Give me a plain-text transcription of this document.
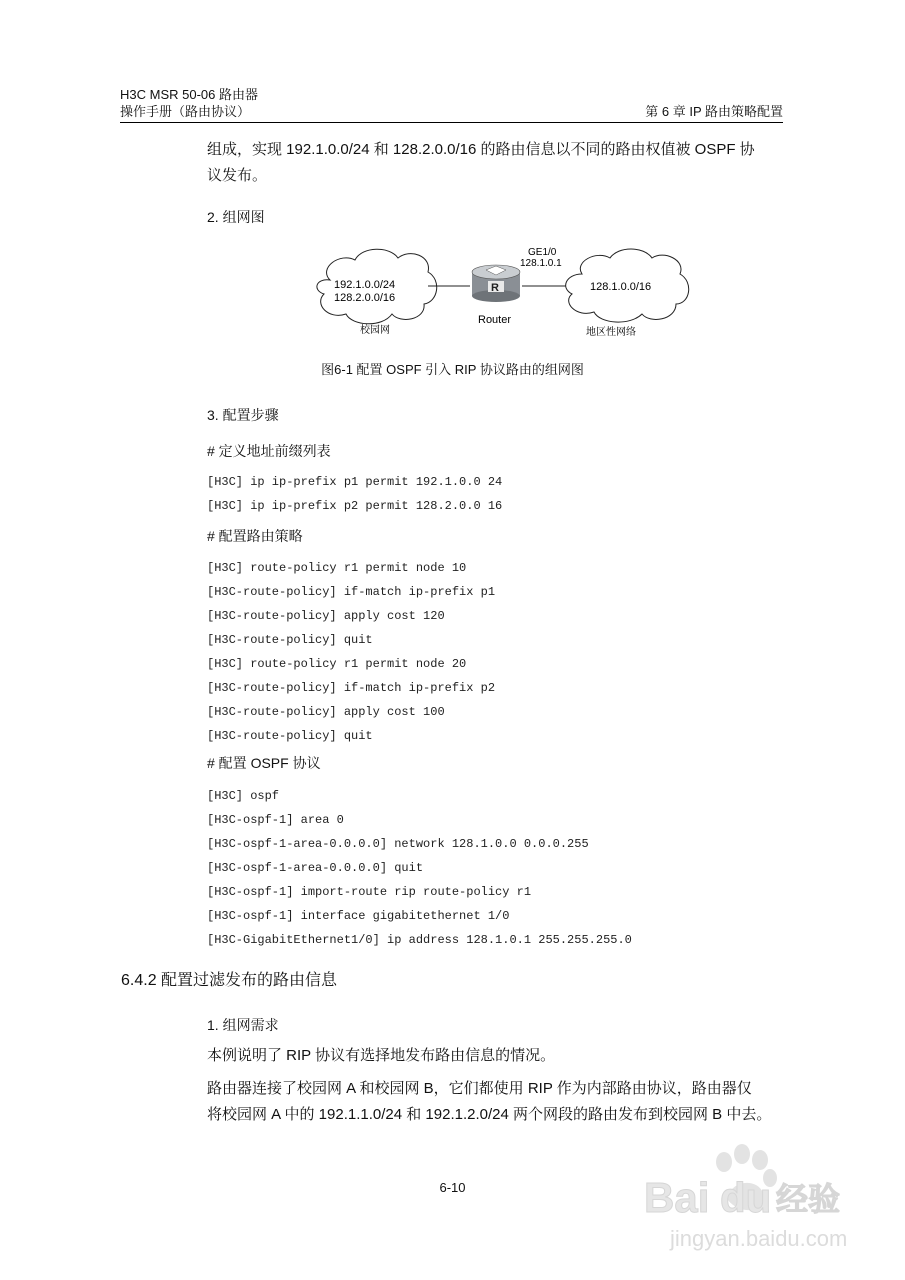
H3C MSR 50-06 路由器
操作手册（路由协议）	第 6 章 IP 路由策略配置
组成，实现 192.1.0.0/24 和 128.2.0.0/16 的路由信息以不同的路由权值被 OSPF 协
议发布。
2. 组网图
192.1.0.0/24
128.2.0.0/16
校园网
R
Router
GE1/0
128.1.0.1
128.1.0.0/16
地区性网络
图6-1 配置 OSPF 引入 RIP 协议路由的组网图
3. 配置步骤
# 定义地址前缀列表
[H3C] ip ip-prefix p1 permit 192.1.0.0 24
[H3C] ip ip-prefix p2 permit 128.2.0.0 16
# 配置路由策略
[H3C] route-policy r1 permit node 10
[H3C-route-policy] if-match ip-prefix p1
[H3C-route-policy] apply cost 120
[H3C-route-policy] quit
[H3C] route-policy r1 permit node 20
[H3C-route-policy] if-match ip-prefix p2
[H3C-route-policy] apply cost 100
[H3C-route-policy] quit
# 配置 OSPF 协议
[H3C] ospf
[H3C-ospf-1] area 0
[H3C-ospf-1-area-0.0.0.0] network 128.1.0.0 0.0.0.255
[H3C-ospf-1-area-0.0.0.0] quit
[H3C-ospf-1] import-route rip route-policy r1
[H3C-ospf-1] interface gigabitethernet 1/0
[H3C-GigabitEthernet1/0] ip address 128.1.0.1 255.255.255.0
6.4.2 配置过滤发布的路由信息
1. 组网需求
本例说明了 RIP 协议有选择地发布路由信息的情况。
路由器连接了校园网 A 和校园网 B，它们都使用 RIP 作为内部路由协议，路由器仅
将校园网 A 中的 192.1.1.0/24 和 192.1.2.0/24 两个网段的路由发布到校园网 B 中去。
6-10	Bai du 经验
jingyan.baidu.com
